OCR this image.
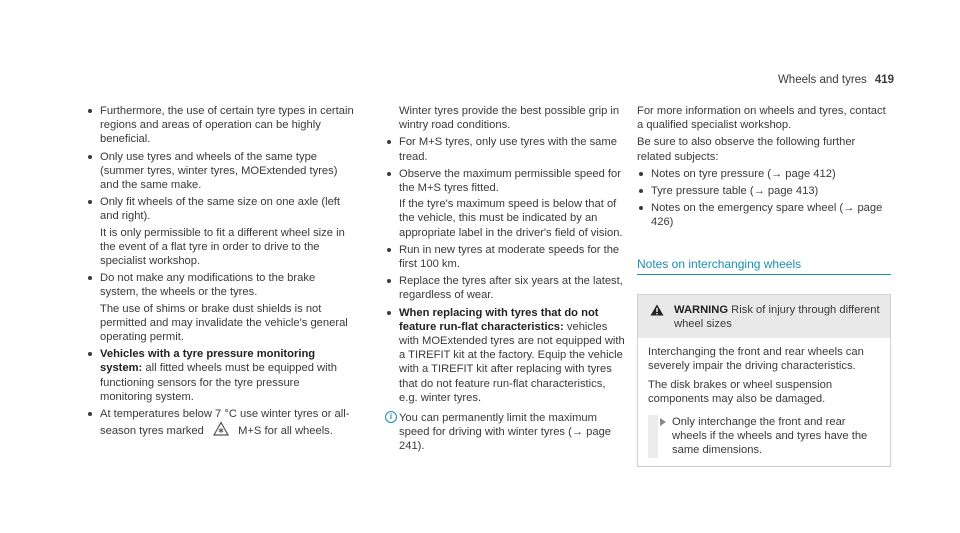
Wheels and tyres 419
Furthermore, the use of certain tyre types in certain regions and areas of operation can be highly beneficial.
Only use tyres and wheels of the same type (summer tyres, winter tyres, MOExtended tyres) and the same make.
Only fit wheels of the same size on one axle (left and right).
It is only permissible to fit a different wheel size in the event of a flat tyre in order to drive to the specialist workshop.
Do not make any modifications to the brake system, the wheels or the tyres.
The use of shims or brake dust shields is not permitted and may invalidate the vehicle's general operating permit.
Vehicles with a tyre pressure monitoring system: all fitted wheels must be equipped with functioning sensors for the tyre pressure monitoring system.
At temperatures below 7 °C use winter tyres or all-season tyres marked	M+S for all wheels.
Winter tyres provide the best possible grip in wintry road conditions.
For M+S tyres, only use tyres with the same tread.
Observe the maximum permissible speed for the M+S tyres fitted.
If the tyre's maximum speed is below that of the vehicle, this must be indicated by an appropriate label in the driver's field of vision.
Run in new tyres at moderate speeds for the first 100 km.
Replace the tyres after six years at the latest, regardless of wear.
When replacing with tyres that do not feature run-flat characteristics: vehicles with MOExtended tyres are not equipped with a TIREFIT kit at the factory. Equip the vehicle with a TIREFIT kit after replacing with tyres that do not feature run-flat characteristics, e.g. winter tyres.
i You can permanently limit the maximum speed for driving with winter tyres (→ page 241).
For more information on wheels and tyres, contact a qualified specialist workshop.
Be sure to also observe the following further related subjects:
Notes on tyre pressure (→ page 412)
Tyre pressure table (→ page 413)
Notes on the emergency spare wheel (→ page 426)
Notes on interchanging wheels
WARNING Risk of injury through different wheel sizes

Interchanging the front and rear wheels can severely impair the driving characteristics.

The disk brakes or wheel suspension components may also be damaged.

Only interchange the front and rear wheels if the wheels and tyres have the same dimensions.
